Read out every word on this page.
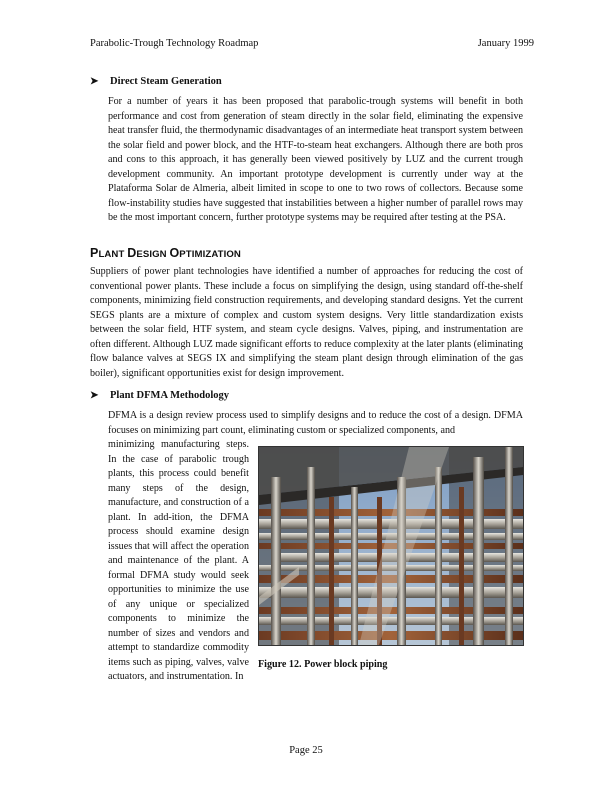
Parabolic-Trough Technology Roadmap	January 1999
➤ Direct Steam Generation

For a number of years it has been proposed that parabolic-trough systems will benefit in both performance and cost from generation of steam directly in the solar field, eliminating the expensive heat transfer fluid, the thermodynamic disadvantages of an intermediate heat transport system between the solar field and power block, and the HTF-to-steam heat exchangers. Although there are both pros and cons to this approach, it has generally been viewed positively by LUZ and the current trough development community. An important prototype development is currently under way at the Plataforma Solar de Almeria, albeit limited in scope to one to two rows of collectors. Because some flow-instability studies have suggested that instabilities between a higher number of parallel rows may be the most important concern, further prototype systems may be required after testing at the PSA.

PLANT DESIGN OPTIMIZATION

Suppliers of power plant technologies have identified a number of approaches for reducing the cost of conventional power plants. These include a focus on simplifying the design, using standard off-the-shelf components, minimizing field construction requirements, and developing standard designs. Yet the current SEGS plants are a mixture of complex and custom system designs. Very little standardization exists between the solar field, HTF system, and steam cycle designs. Valves, piping, and instrumentation are often different. Although LUZ made significant efforts to reduce complexity at the later plants (eliminating flow balance valves at SEGS IX and simplifying the steam plant design through elimination of the gas boiler), significant opportunities exist for design improvement.

➤ Plant DFMA Methodology

DFMA is a design review process used to simplify designs and to reduce the cost of a design. DFMA focuses on minimizing part count, eliminating custom or specialized components, and

minimizing manufacturing steps. In the case of parabolic trough plants, this process could benefit many steps of the design, manufacture, and construction of a plant. In add-ition, the DFMA process should examine design issues that will affect the operation and maintenance of the plant. A formal DFMA study would seek opportunities to minimize the use of any unique or specialized components to minimize the number of sizes and vendors and attempt to standardize commodity items such as piping, valves, valve actuators, and instrumentation. In

Figure 12. Power block piping
Page 25
